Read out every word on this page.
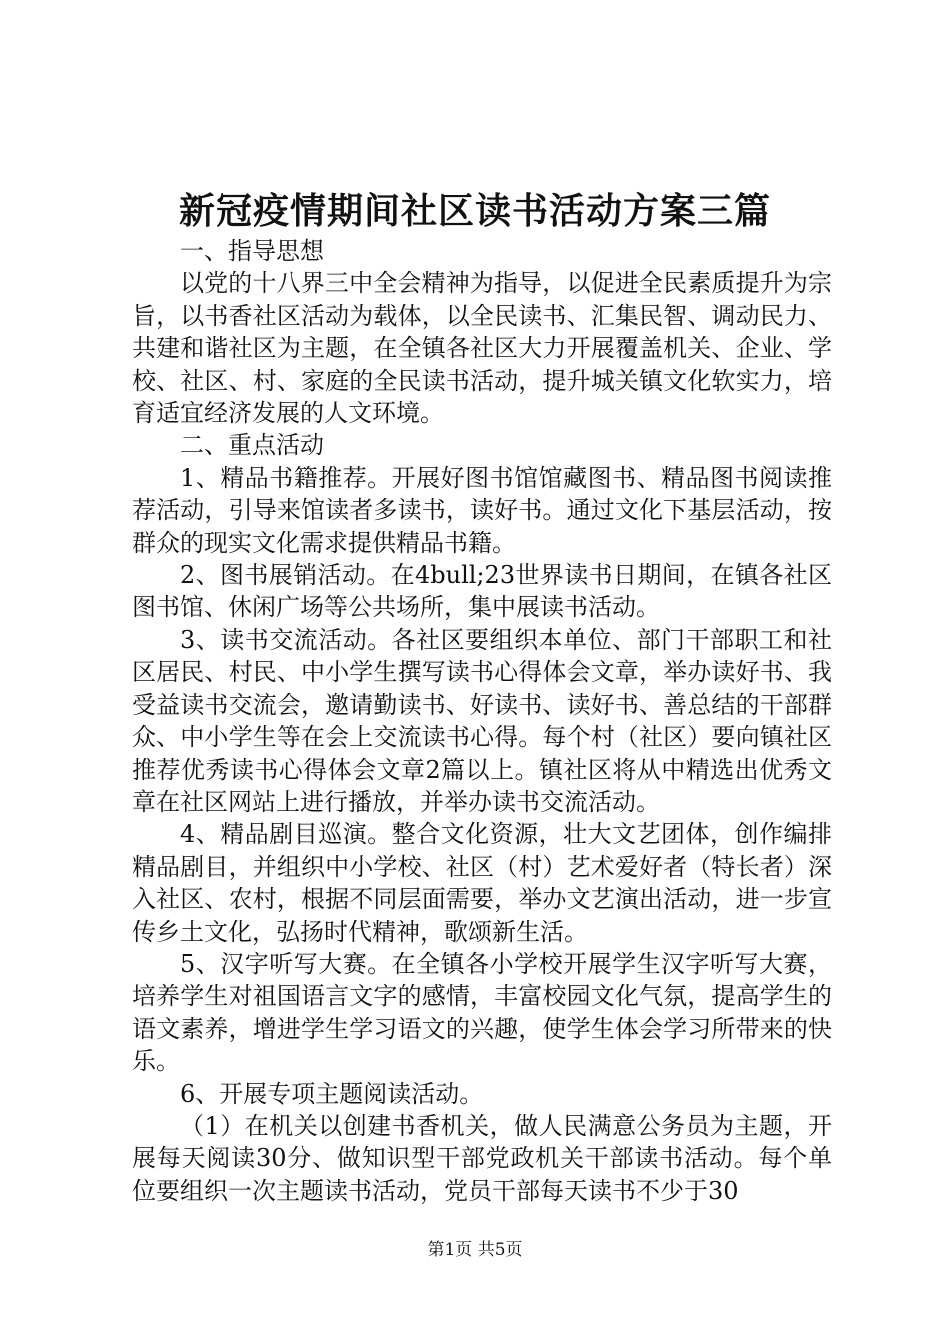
新冠疫情期间社区读书活动方案三篇

一、指导思想

以党的十八界三中全会精神为指导，以促进全民素质提升为宗旨，以书香社区活动为载体，以全民读书、汇集民智、调动民力、共建和谐社区为主题，在全镇各社区大力开展覆盖机关、企业、学校、社区、村、家庭的全民读书活动，提升城关镇文化软实力，培育适宜经济发展的人文环境。

二、重点活动

1、精品书籍推荐。开展好图书馆馆藏图书、精品图书阅读推荐活动，引导来馆读者多读书，读好书。通过文化下基层活动，按群众的现实文化需求提供精品书籍。

2、图书展销活动。在4bull;23世界读书日期间，在镇各社区图书馆、休闲广场等公共场所，集中展读书活动。

3、读书交流活动。各社区要组织本单位、部门干部职工和社区居民、村民、中小学生撰写读书心得体会文章，举办读好书、我受益读书交流会，邀请勤读书、好读书、读好书、善总结的干部群众、中小学生等在会上交流读书心得。每个村（社区）要向镇社区推荐优秀读书心得体会文章2篇以上。镇社区将从中精选出优秀文章在社区网站上进行播放，并举办读书交流活动。

4、精品剧目巡演。整合文化资源，壮大文艺团体，创作编排精品剧目，并组织中小学校、社区（村）艺术爱好者（特长者）深入社区、农村，根据不同层面需要，举办文艺演出活动，进一步宣传乡土文化，弘扬时代精神，歌颂新生活。

5、汉字听写大赛。在全镇各小学校开展学生汉字听写大赛，培养学生对祖国语言文字的感情，丰富校园文化气氛，提高学生的语文素养，增进学生学习语文的兴趣，使学生体会学习所带来的快乐。

6、开展专项主题阅读活动。

（1）在机关以创建书香机关，做人民满意公务员为主题，开展每天阅读30分、做知识型干部党政机关干部读书活动。每个单位要组织一次主题读书活动，党员干部每天读书不少于30

第1页 共5页
